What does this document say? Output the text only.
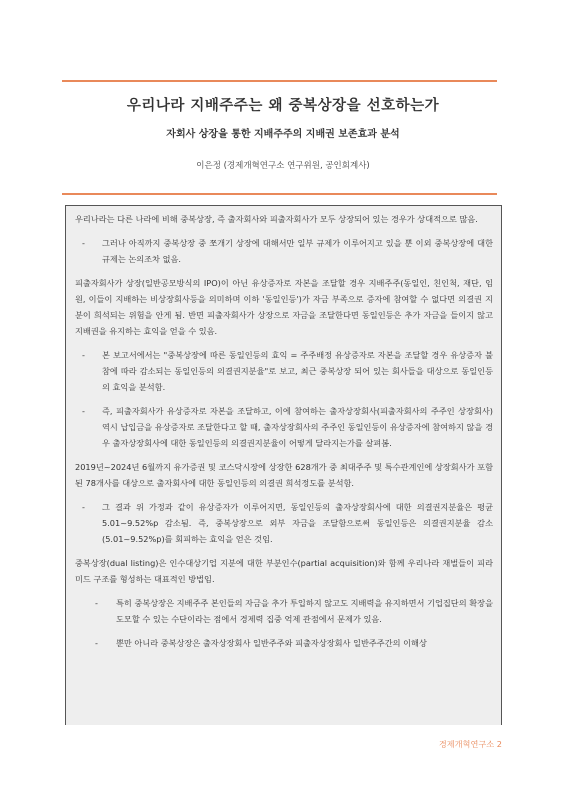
우리나라 지배주주는 왜 중복상장을 선호하는가
자회사 상장을 통한 지배주주의 지배권 보존효과 분석

이은정 (경제개혁연구소 연구위원, 공인회계사)

우리나라는 다른 나라에 비해 중복상장, 즉 출자회사와 피출자회사가 모두 상장되어 있는 경우가 상대적으로 많음.

- 그러나 아직까지 중복상장 중 쪼개기 상장에 대해서만 일부 규제가 이루어지고 있을 뿐 이외 중복상장에 대한 규제는 논의조차 없음.

피출자회사가 상장(일반공모방식의 IPO)이 아닌 유상증자로 자본을 조달할 경우 지배주주(동일인, 친인척, 재단, 임원, 이들이 지배하는 비상장회사등을 의미하며 이하 '동일인등')가 자금 부족으로 증자에 참여할 수 없다면 의결권 지분이 희석되는 위험을 안게 됨. 반면 피출자회사가 상장으로 자금을 조달한다면 동일인등은 추가 자금을 들이지 않고 지배권을 유지하는 효익을 얻을 수 있음.

- 본 보고서에서는 "중복상장에 따른 동일인등의 효익 = 주주배정 유상증자로 자본을 조달할 경우 유상증자 불참에 따라 감소되는 동일인등의 의결권지분율"로 보고, 최근 중복상장 되어 있는 회사들을 대상으로 동일인등의 효익을 분석함.

- 즉, 피출자회사가 유상증자로 자본을 조달하고, 이에 참여하는 출자상장회사(피출자회사의 주주인 상장회사) 역시 납입금을 유상증자로 조달한다고 할 때, 출자상장회사의 주주인 동일인등이 유상증자에 참여하지 않을 경우 출자상장회사에 대한 동일인등의 의결권지분율이 어떻게 달라지는가를 살펴봄.

2019년~2024년 6월까지 유가증권 및 코스닥시장에 상장한 628개가 중 최대주주 및 특수관계인에 상장회사가 포함된 78개사를 대상으로 출자회사에 대한 동일인등의 의결권 희석정도를 분석함.

- 그 결과 위 가정과 같이 유상증자가 이루어지면, 동일인등의 출자상장회사에 대한 의결권지분율은 평균 5.01~9.52%p 감소됨. 즉, 중복상장으로 외부 자금을 조달함으로써 동일인등은 의결권지분율 감소(5.01~9.52%p)를 회피하는 효익을 얻은 것임.

중복상장(dual listing)은 인수대상기업 지분에 대한 부분인수(partial acquisition)와 함께 우리나라 재벌들이 피라미드 구조를 형성하는 대표적인 방법임.

- 특히 중복상장은 지배주주 본인들의 자금을 추가 투입하지 않고도 지배력을 유지하면서 기업집단의 확장을 도모할 수 있는 수단이라는 점에서 경제력 집중 억제 관점에서 문제가 있음.

- 뿐만 아니라 중복상장은 출자상장회사 일반주주와 피출자상장회사 일반주주간의 이해상

경제개혁연구소 2
